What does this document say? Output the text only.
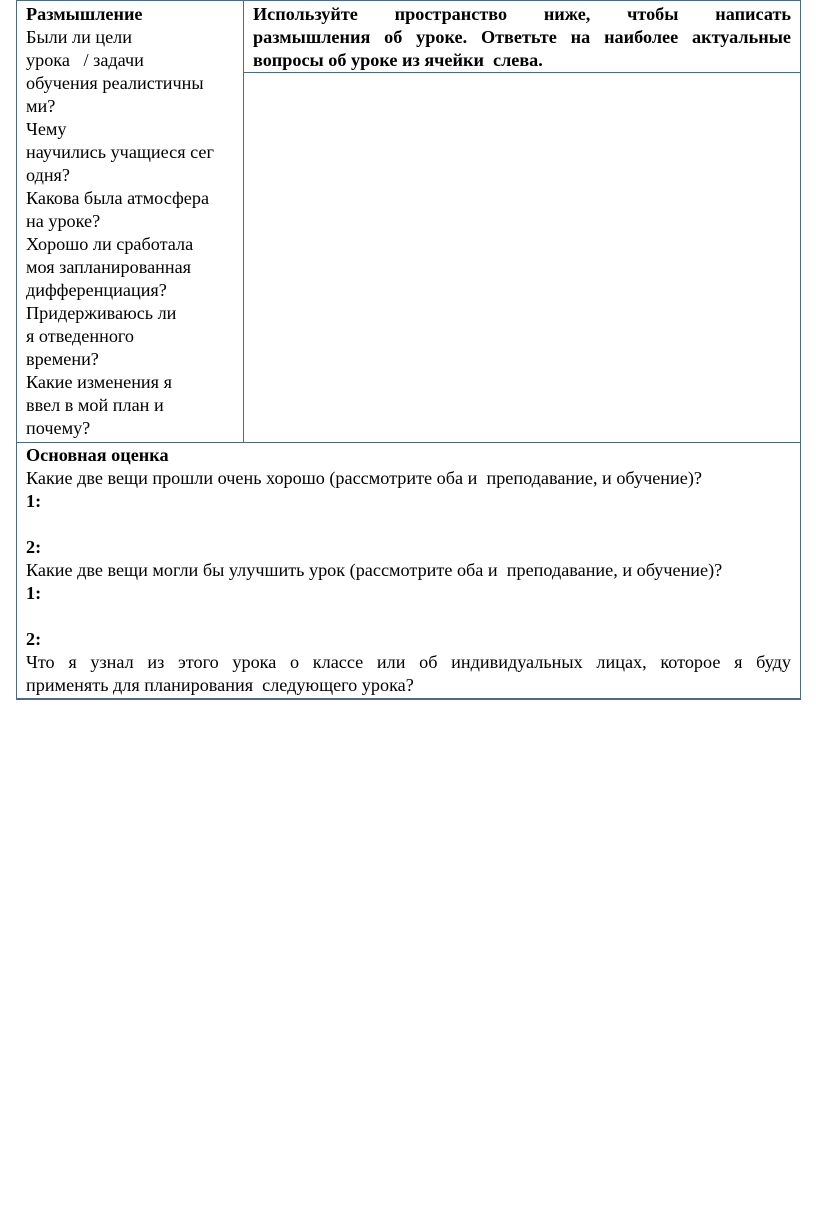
Размышление

Были ли цели

урока   / задачи

обучения реалистичны

ми?

Чему

научились учащиеся сег

одня?

Какова была атмосфера

на уроке?

Хорошо ли сработала

моя запланированная

дифференциация?

Придерживаюсь ли

я отведенного

времени?

Какие изменения я

ввел в мой план и

почему?

Используйте пространство ниже, чтобы написать

размышления об уроке. Ответьте на наиболее актуальные

вопросы об уроке из ячейки  слева.

Основная оценка

Какие две вещи прошли очень хорошо (рассмотрите оба и  преподавание, и обучение)?

1:

2:

Какие две вещи могли бы улучшить урок (рассмотрите оба и  преподавание, и обучение)?

1:

2:

Что я узнал из этого урока о классе или об индивидуальных лицах, которое я буду

применять для планирования  следующего урока?
